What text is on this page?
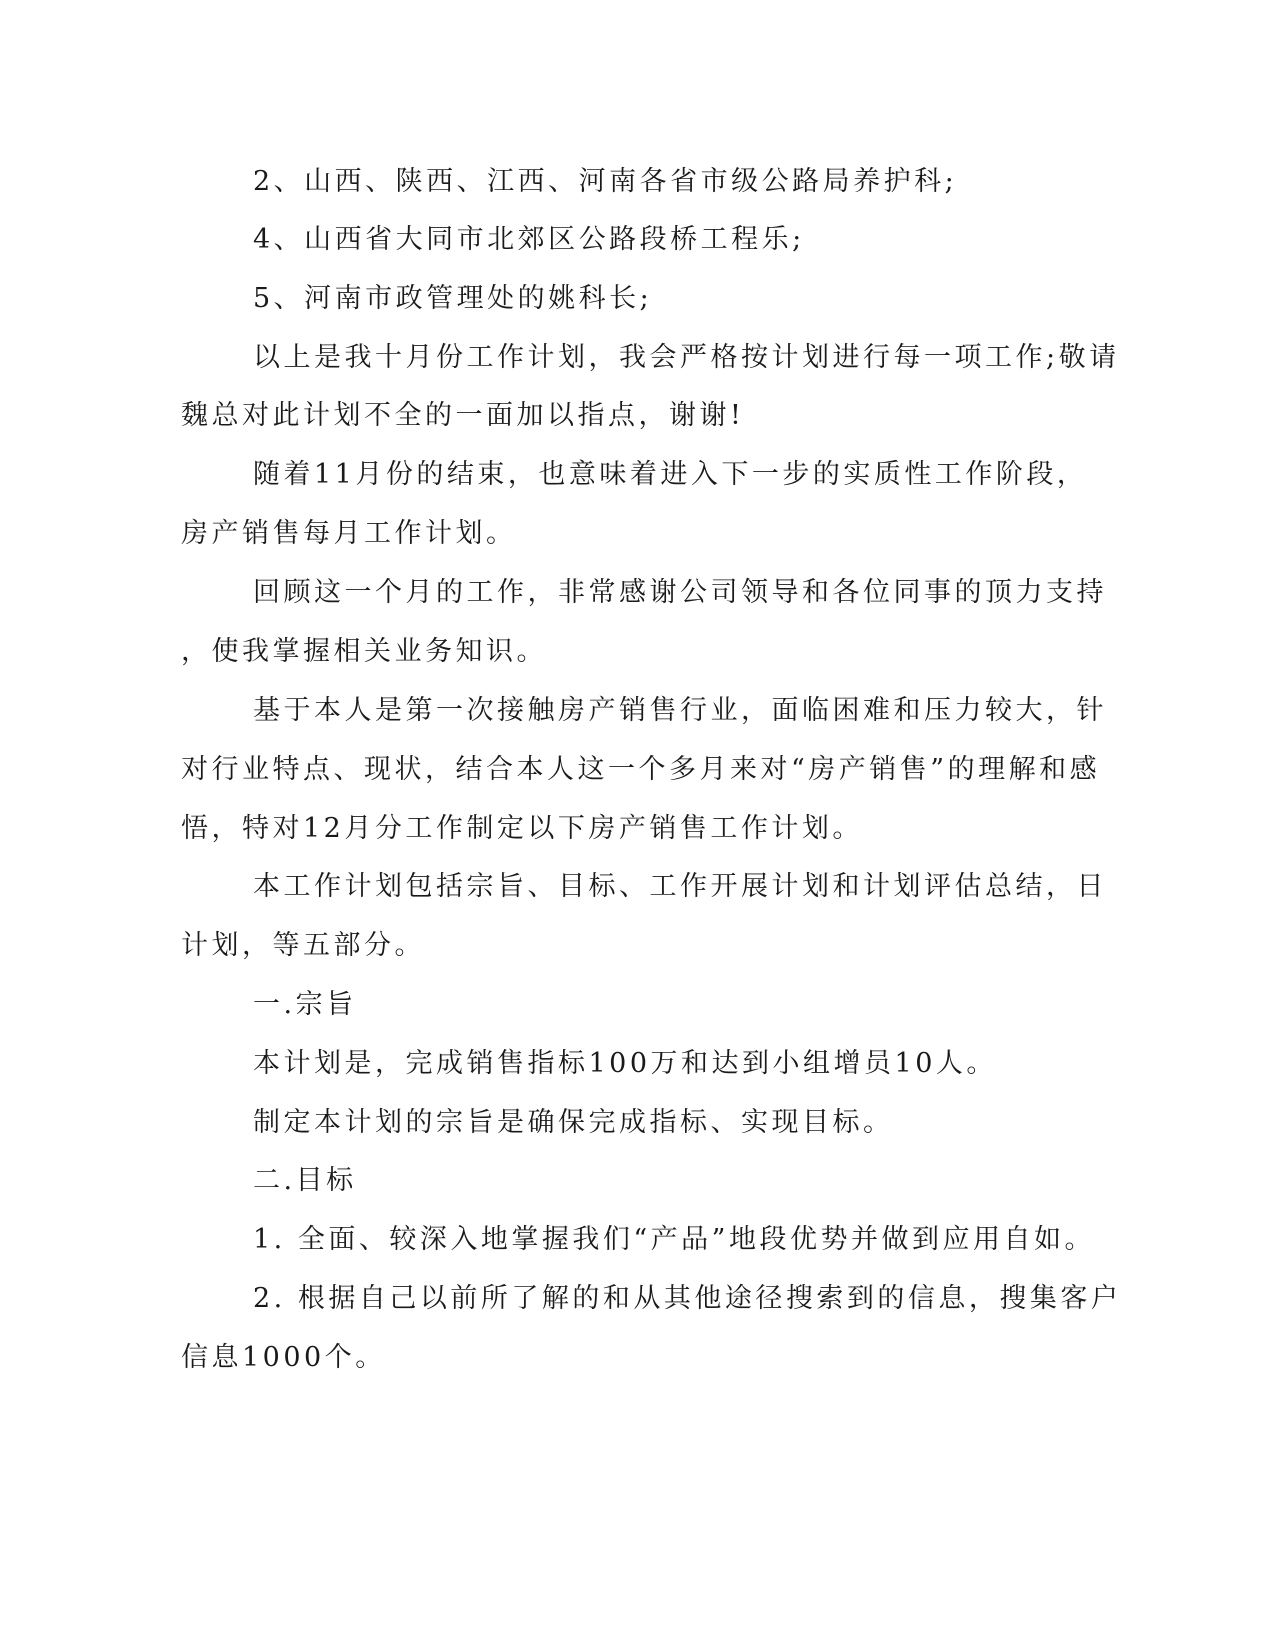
2、山西、陕西、江西、河南各省市级公路局养护科;
4、山西省大同市北郊区公路段桥工程乐;
5、河南市政管理处的姚科长;
以上是我十月份工作计划，我会严格按计划进行每一项工作;敬请
魏总对此计划不全的一面加以指点，谢谢!
随着11月份的结束，也意味着进入下一步的实质性工作阶段，
房产销售每月工作计划。
回顾这一个月的工作，非常感谢公司领导和各位同事的顶力支持
，使我掌握相关业务知识。
基于本人是第一次接触房产销售行业，面临困难和压力较大，针
对行业特点、现状，结合本人这一个多月来对“房产销售”的理解和感
悟，特对12月分工作制定以下房产销售工作计划。
本工作计划包括宗旨、目标、工作开展计划和计划评估总结，日
计划，等五部分。
一.宗旨
本计划是，完成销售指标100万和达到小组增员10人。
制定本计划的宗旨是确保完成指标、实现目标。
二.目标
1. 全面、较深入地掌握我们“产品”地段优势并做到应用自如。
2. 根据自己以前所了解的和从其他途径搜索到的信息，搜集客户
信息1000个。
